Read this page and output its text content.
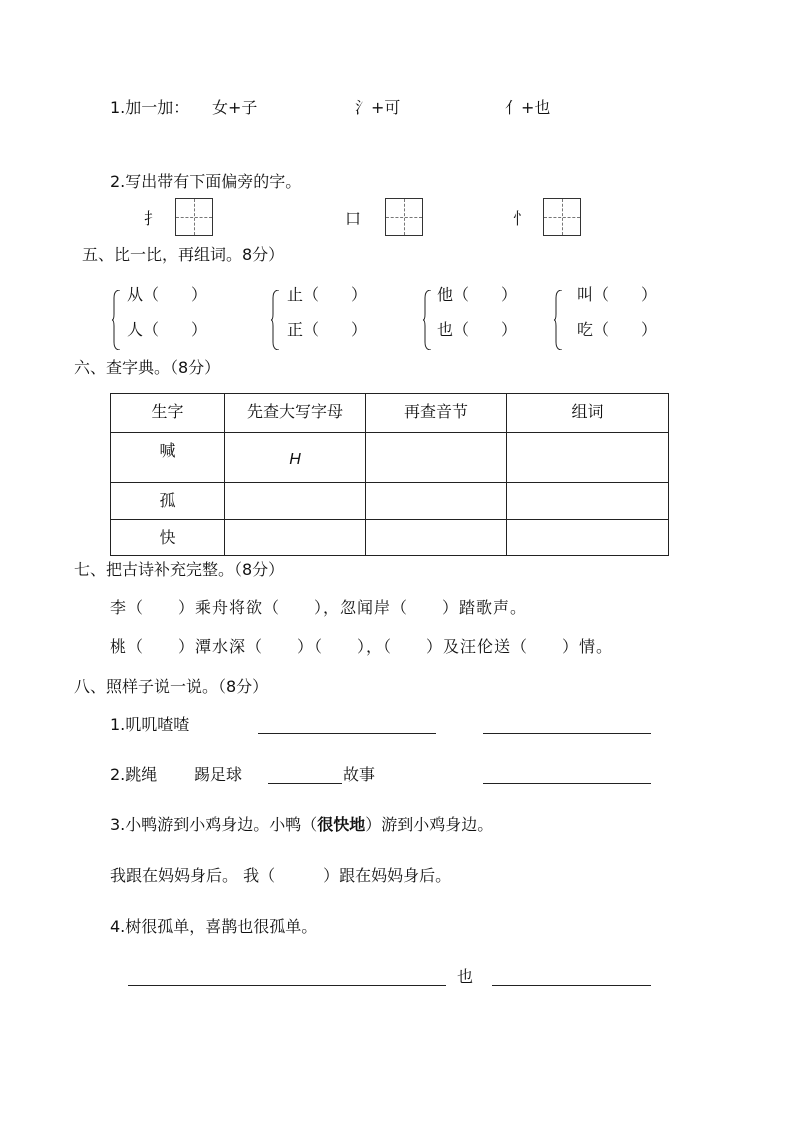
1.加一加： 女+子	氵+可	亻+也
2.写出带有下面偏旁的字。
扌	口	忄
五、比一比，再组词。8分）
从（　　）
人（　　）
止（　　）
正（　　）
他（　　）
也（　　）
叫（　　）
吃（　　）
六、查字典。（8分）
生字	先查大写字母	再查音节	组词
喊	H		
孤			
快			
七、把古诗补充完整。（8分）
李（　　）乘舟将欲（　　），忽闻岸（　　）踏歌声。
桃（　　）潭水深（　　）（　　），（　　）及汪伦送（　　）情。
八、照样子说一说。（8分）
1.叽叽喳喳
2.跳绳 踢足球	故事
3.小鸭游到小鸡身边。小鸭（很快地）游到小鸡身边。
我跟在妈妈身后。 我（　　　）跟在妈妈身后。
4.树很孤单，喜鹊也很孤单。
也
